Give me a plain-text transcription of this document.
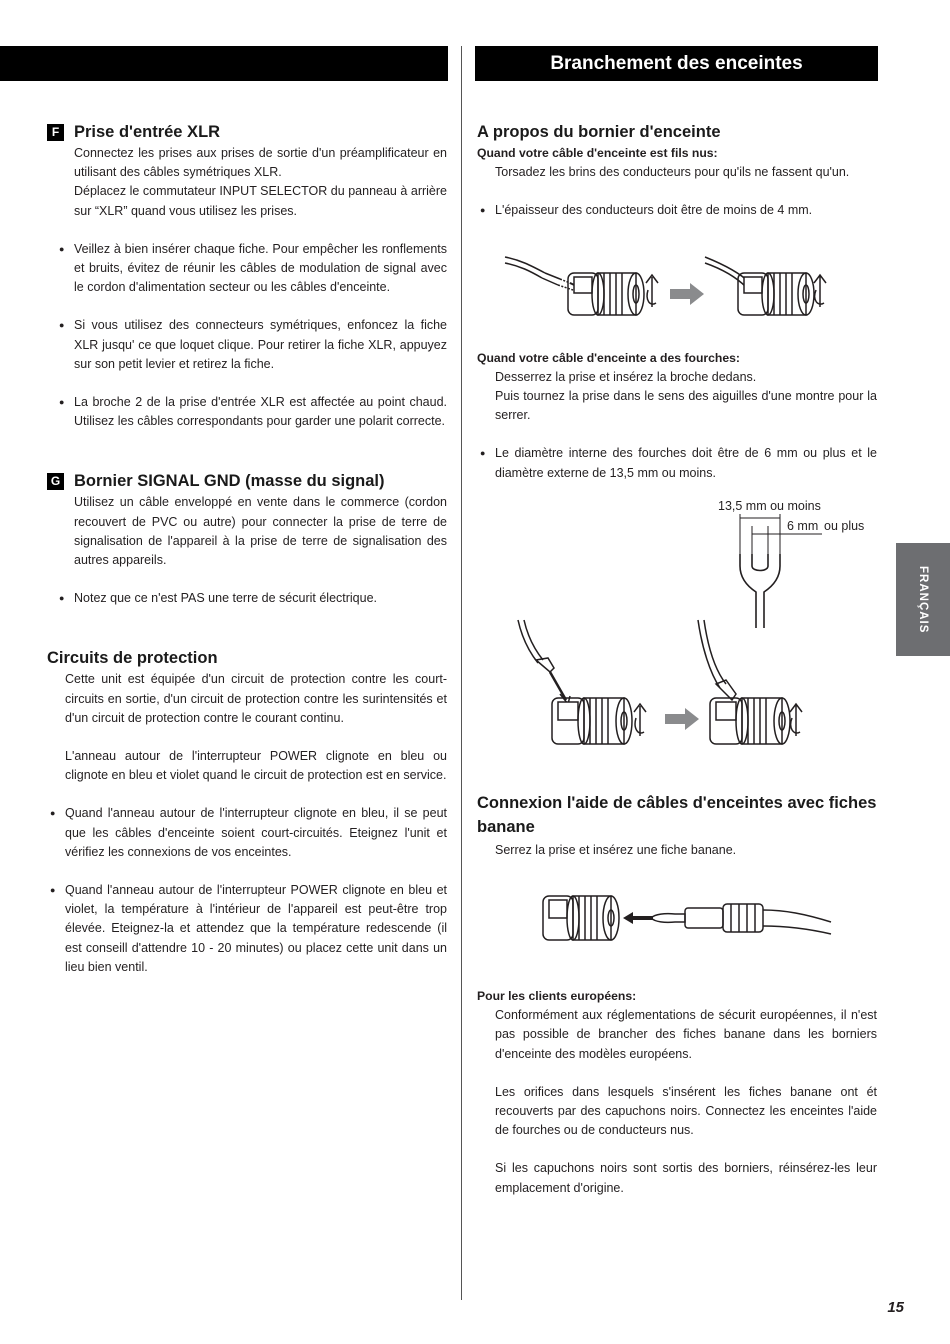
Branchement des enceintes
F Prise d'entrée XLR

Connectez les prises aux prises de sortie d'un préamplificateur en utilisant des câbles symétriques XLR.

Déplacez le commutateur INPUT SELECTOR du panneau à arrière sur “XLR” quand vous utilisez les prises.

● Veillez à bien insérer chaque fiche. Pour empêcher les ronflements et bruits, évitez de réunir les câbles de modulation de signal avec le cordon d'alimentation secteur ou les câbles d'enceinte.

● Si vous utilisez des connecteurs symétriques, enfoncez la fiche XLR jusqu' ce que loquet clique. Pour retirer la fiche XLR, appuyez sur son petit levier et retirez la fiche.

● La broche 2 de la prise d'entrée XLR est affectée au point chaud. Utilisez les câbles correspondants pour garder une polarit correcte.

G Bornier SIGNAL GND (masse du signal)

Utilisez un câble enveloppé en vente dans le commerce (cordon recouvert de PVC ou autre) pour connecter la prise de terre de signalisation de l'appareil à la prise de terre de signalisation des autres appareils.

● Notez que ce n'est PAS une terre de sécurit électrique.

Circuits de protection

Cette unit est équipée d'un circuit de protection contre les court-circuits en sortie, d'un circuit de protection contre les surintensités et d'un circuit de protection contre le courant continu.

L'anneau autour de l'interrupteur POWER clignote en bleu ou clignote en bleu et violet quand le circuit de protection est en service.

● Quand l'anneau autour de l'interrupteur clignote en bleu, il se peut que les câbles d'enceinte soient court-circuités. Eteignez l'unit et vérifiez les connexions de vos enceintes.

● Quand l'anneau autour de l'interrupteur POWER clignote en bleu et violet, la température à l'intérieur de l'appareil est peut-être trop élevée. Eteignez-la et attendez que la température redescende (il est conseill d'attendre 10 - 20 minutes) ou placez cette unit dans un lieu bien ventil.

A propos du bornier d'enceinte

Quand votre câble d'enceinte est fils nus:

Torsadez les brins des conducteurs pour qu'ils ne fassent qu'un.

● L'épaisseur des conducteurs doit être de moins de 4 mm.

Quand votre câble d'enceinte a des fourches:

Desserrez la prise et insérez la broche dedans.

Puis tournez la prise dans le sens des aiguilles d'une montre pour la serrer.

● Le diamètre interne des fourches doit être de 6 mm ou plus et le diamètre externe de 13,5 mm ou moins.

Connexion l'aide de câbles d'enceintes avec fiches banane

Serrez la prise et insérez une fiche banane.

Pour les clients européens:

Conformément aux réglementations de sécurit européennes, il n'est pas possible de brancher des fiches banane dans les borniers d'enceinte des modèles européens.

Les orifices dans lesquels s'insérent les fiches banane ont ét recouverts par des capuchons noirs. Connectez les enceintes l'aide de fourches ou de conducteurs nus.

Si les capuchons noirs sont sortis des borniers, réinsérez-les leur emplacement d'origine.

13,5 mm ou moins
6 mm ou plus
FRANÇAIS
15
